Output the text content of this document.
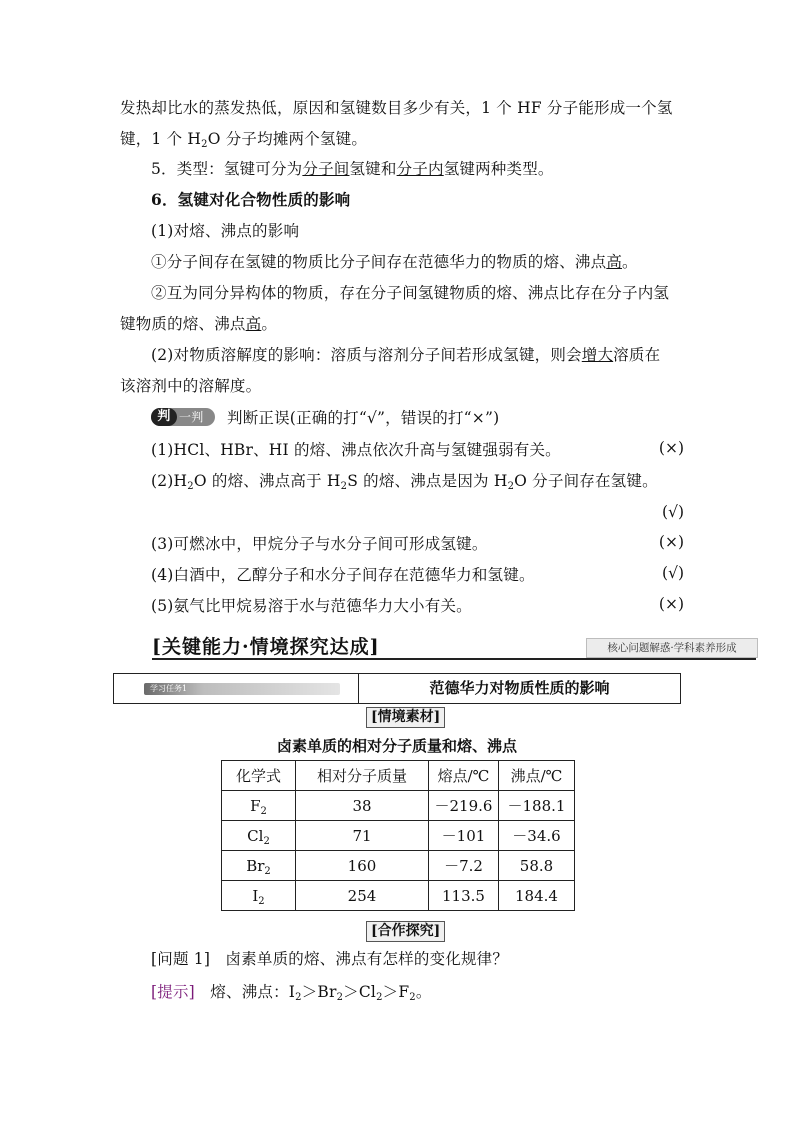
发热却比水的蒸发热低，原因和氢键数目多少有关，1 个 HF 分子能形成一个氢
键，1 个 $H_2O$ 分子均摊两个氢键。
5．类型：氢键可分为分子间氢键和分子内氢键两种类型。
6．氢键对化合物性质的影响
(1)对熔、沸点的影响
①分子间存在氢键的物质比分子间存在范德华力的物质的熔、沸点高。
②互为同分异构体的物质，存在分子间氢键物质的熔、沸点比存在分子内氢
键物质的熔、沸点高。
(2)对物质溶解度的影响：溶质与溶剂分子间若形成氢键，则会增大溶质在
该溶剂中的溶解度。
判 一判 判断正误(正确的打“√”，错误的打“×”)
(1)HCl、HBr、HI 的熔、沸点依次升高与氢键强弱有关。	(×)
$(2)H_2O$ 的熔、沸点高于 $H_2S$ 的熔、沸点是因为 $H_2O$ 分子间存在氢键。
(√)
(3)可燃冰中，甲烷分子与水分子间可形成氢键。	(×)
(4)白酒中，乙醇分子和水分子间存在范德华力和氢键。	(√)
(5)氨气比甲烷易溶于水与范德华力大小有关。	(×)
[关键能力·情境探究达成]	核心问题解惑·学科素养形成
学习任务1	范德华力对物质性质的影响
[情境素材]
卤素单质的相对分子质量和熔、沸点
化学式	相对分子质量	熔点/℃	沸点/℃
$F_2$	38	－219.6	－188.1
$Cl_2$	71	－101	－34.6
$Br_2$	160	－7.2	58.8
$I_2$	254	113.5	184.4
[合作探究]
[问题 1] 卤素单质的熔、沸点有怎样的变化规律？
[提示] 熔、沸点：$I_2>Br_2>Cl_2>F_2$。
